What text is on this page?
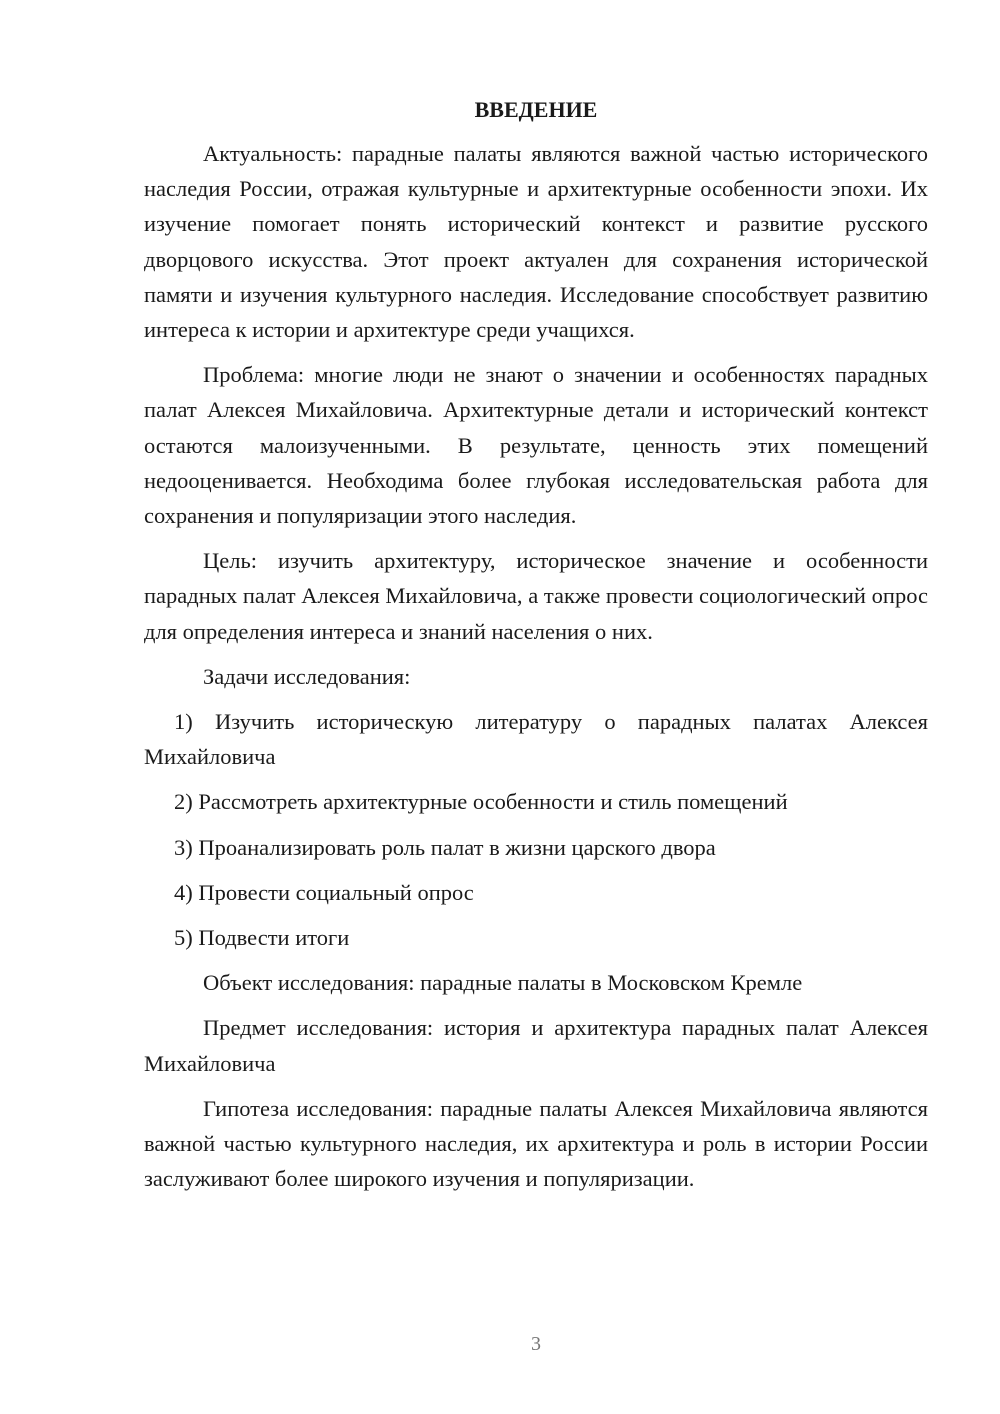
ВВЕДЕНИЕ

Актуальность: парадные палаты являются важной частью исторического наследия России, отражая культурные и архитектурные особенности эпохи. Их изучение помогает понять исторический контекст и развитие русского дворцового искусства. Этот проект актуален для сохранения исторической памяти и изучения культурного наследия. Исследование способствует развитию интереса к истории и архитектуре среди учащихся.

Проблема: многие люди не знают о значении и особенностях парадных палат Алексея Михайловича. Архитектурные детали и исторический контекст остаются малоизученными. В результате, ценность этих помещений недооценивается. Необходима более глубокая исследовательская работа для сохранения и популяризации этого наследия.

Цель: изучить архитектуру, историческое значение и особенности парадных палат Алексея Михайловича, а также провести социологический опрос для определения интереса и знаний населения о них.

Задачи исследования:

1) Изучить историческую литературу о парадных палатах Алексея Михайловича

2) Рассмотреть архитектурные особенности и стиль помещений

3) Проанализировать роль палат в жизни царского двора

4) Провести социальный опрос

5) Подвести итоги

Объект исследования: парадные палаты в Московском Кремле

Предмет исследования: история и архитектура парадных палат Алексея Михайловича

Гипотеза исследования: парадные палаты Алексея Михайловича являются важной частью культурного наследия, их архитектура и роль в истории России заслуживают более широкого изучения и популяризации.

3
